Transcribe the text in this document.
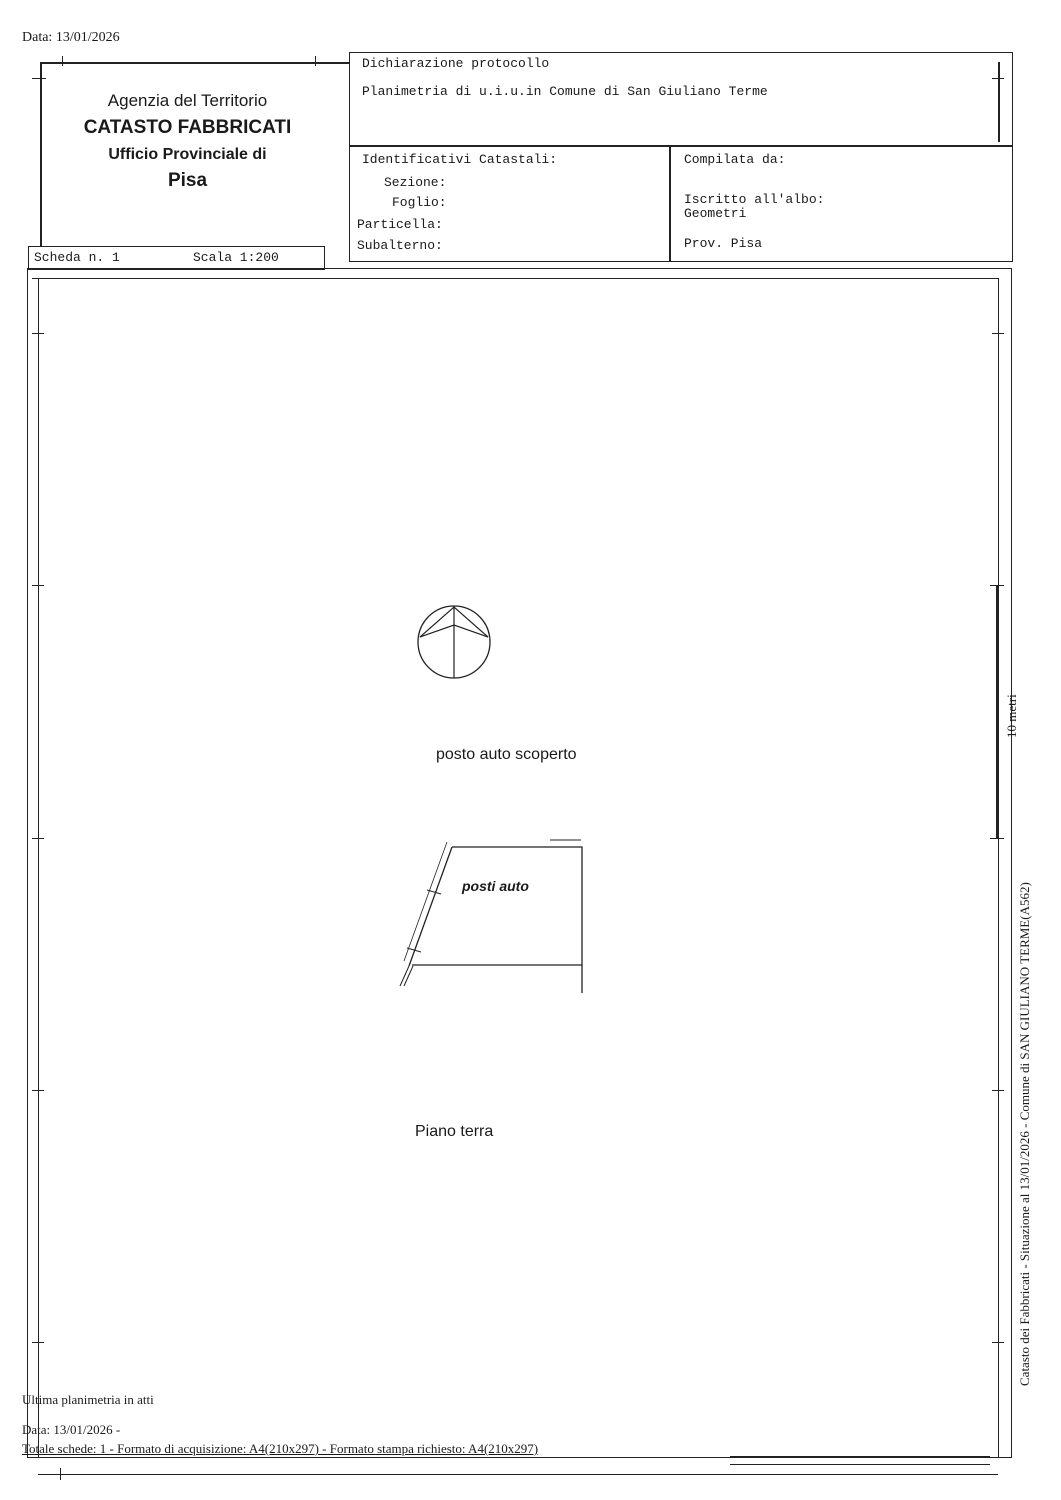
Data: 13/01/2026
Agenzia del Territorio
CATASTO FABBRICATI
Ufficio Provinciale di
Pisa
Dichiarazione protocollo
Planimetria di u.i.u.in Comune di San Giuliano Terme
Identificativi Catastali:
Sezione:
Foglio:
Particella:
Subalterno:
Compilata da:
Iscritto all'albo:
Geometri
Prov. Pisa
Scheda n. 1	Scala 1:200
10 metri
posto auto scoperto
posti auto
Piano terra	Catasto dei Fabbricati - Situazione al 13/01/2026 - Comune di SAN GIULIANO TERME(A562)
Ultima planimetria in atti
Data: 13/01/2026 -
Totale schede: 1 - Formato di acquisizione: A4(210x297) - Formato stampa richiesto: A4(210x297)
